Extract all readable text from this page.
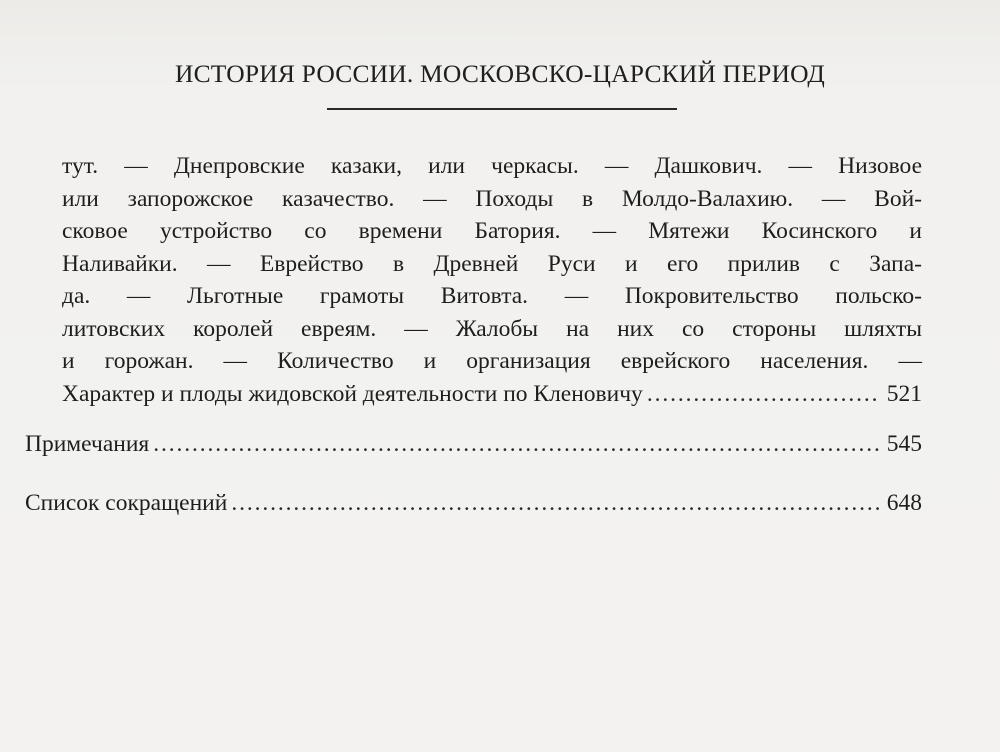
ИСТОРИЯ РОССИИ. МОСКОВСКО-ЦАРСКИЙ ПЕРИОД
тут. — Днепровские казаки, или черкасы. — Дашкович. — Низовое
или запорожское казачество. — Походы в Молдо-Валахию. — Вой-
сковое устройство со времени Батория. — Мятежи Косинского и
Наливайки. — Еврейство в Древней Руси и его прилив с Запа-
да. — Льготные грамоты Витовта. — Покровительство польско-
литовских королей евреям. — Жалобы на них со стороны шляхты
и горожан. — Количество и организация еврейского населения. —
Характер и плоды жидовской деятельности по Кленовичу . . .	521
Примечания . . .	545
Список сокращений . . .	648
